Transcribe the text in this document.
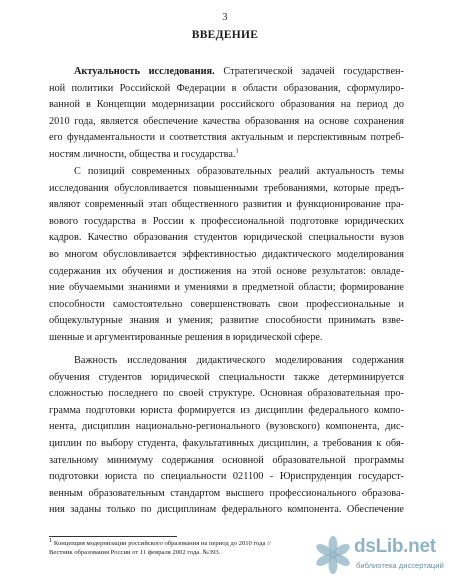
3
ВВЕДЕНИЕ
Актуальность исследования. Стратегической задачей государствен-
ной политики Российской Федерации в области образования, сформулиро-
ванной в Концепции модернизации российского образования на период до
2010 года, является обеспечение качества образования на основе сохранения
его фундаментальности и соответствия актуальным и перспективным потреб-
ностям личности, общества и государства.$^1$
С позиций современных образовательных реалий актуальность темы
исследования обусловливается повышенными требованиями, которые предъ-
являют современный этап общественного развития и функционирование пра-
вового государства в России к профессиональной подготовке юридических
кадров. Качество образования студентов юридической специальности вузов
во многом обусловливается эффективностью дидактического моделирования
содержания их обучения и достижения на этой основе результатов: овладе-
ние обучаемыми знаниями и умениями в предметной области; формирование
способности самостоятельно совершенствовать свои профессиональные и
общекультурные знания и умения; развитие способности принимать взве-
шенные и аргументированные решения в юридической сфере.
Важность исследования дидактического моделирования содержания
обучения студентов юридической специальности также детерминируется
сложностью последнего по своей структуре. Основная образовательная про-
грамма подготовки юриста формируется из дисциплин федерального компо-
нента, дисциплин национально-регионального (вузовского) компонента, дис-
циплин по выбору студента, факультативных дисциплин, а требования к обя-
зательному минимуму содержания основной образовательной программы
подготовки юриста по специальности 021100 - Юриспруденция государст-
венным образовательным стандартом высшего профессионального образова-
ния заданы только по дисциплинам федерального компонента. Обеспечение
$^1$ Концепция модернизации российского образования на период до 2010 года // Вестник образования России от 11 февраля 2002 года. №393.	dsLib.net
библиотека диссертаций
